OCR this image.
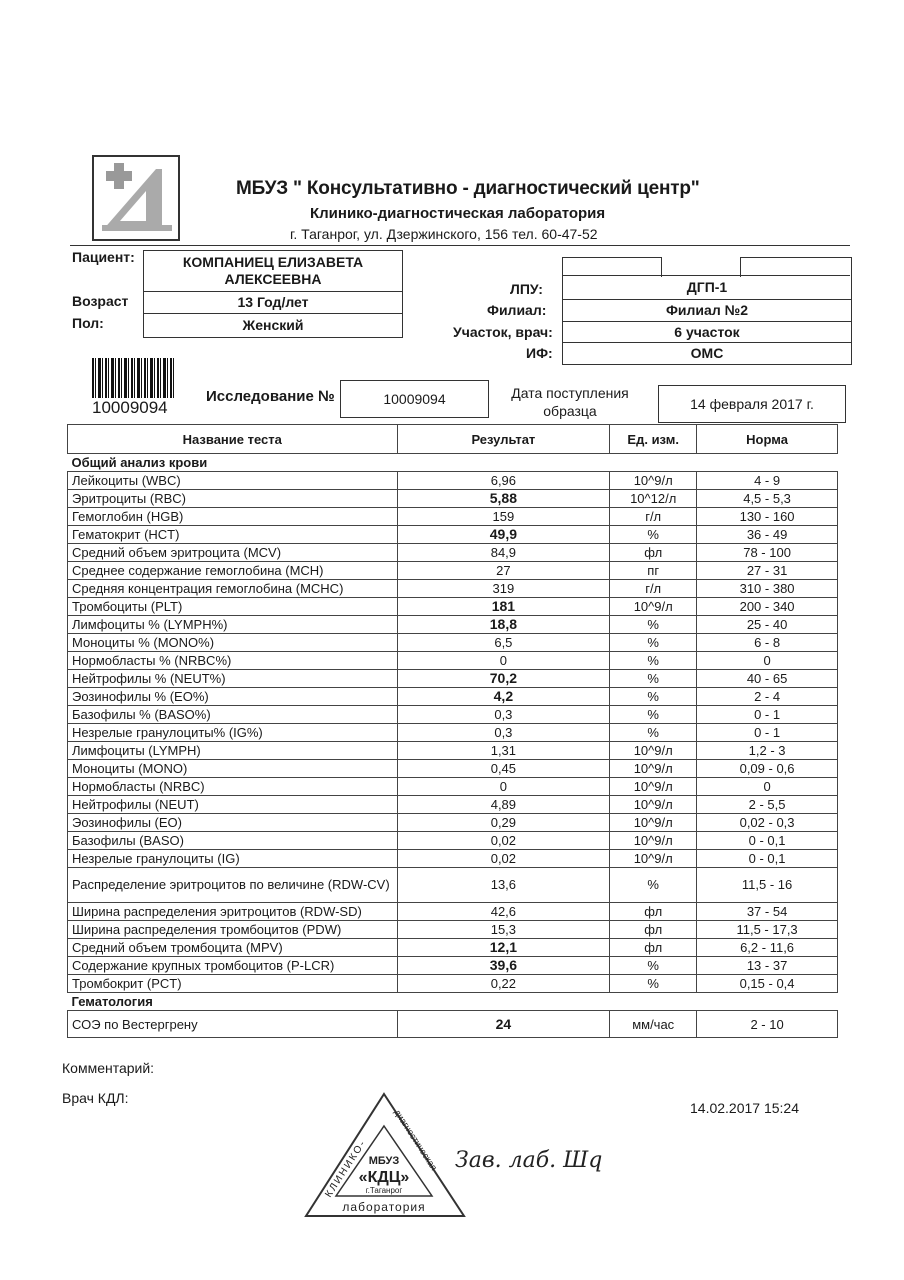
МБУЗ " Консультативно - диагностический центр"
Клинико-диагностическая лаборатория
г. Таганрог, ул. Дзержинского, 156 тел. 60-47-52
Пациент:	КОМПАНИЕЦ ЕЛИЗАВЕТА
АЛЕКСЕЕВНА
Возраст	13 Год/лет
Пол:	Женский
ЛПУ:	ДГП-1
Филиал:	Филиал №2
Участок, врач:	6 участок
ИФ:	ОМС
10009094
Исследование №	10009094	Дата поступления
образца	14 февраля 2017 г.
Название теста	Результат	Ед. изм.	Норма
Общий анализ крови			
Лейкоциты (WBC)	6,96	10^9/л	4 - 9
Эритроциты (RBC)	5,88	10^12/л	4,5 - 5,3
Гемоглобин (HGB)	159	г/л	130 - 160
Гематокрит (HCT)	49,9	%	36 - 49
Средний объем эритроцита (MCV)	84,9	фл	78 - 100
Среднее содержание гемоглобина (MCH)	27	пг	27 - 31
Средняя концентрация гемоглобина (MCHC)	319	г/л	310 - 380
Тромбоциты (PLT)	181	10^9/л	200 - 340
Лимфоциты % (LYMPH%)	18,8	%	25 - 40
Моноциты % (MONO%)	6,5	%	6 - 8
Нормобласты % (NRBC%)	0	%	0
Нейтрофилы % (NEUT%)	70,2	%	40 - 65
Эозинофилы % (EO%)	4,2	%	2 - 4
Базофилы % (BASO%)	0,3	%	0 - 1
Незрелые гранулоциты% (IG%)	0,3	%	0 - 1
Лимфоциты (LYMPH)	1,31	10^9/л	1,2 - 3
Моноциты (MONO)	0,45	10^9/л	0,09 - 0,6
Нормобласты (NRBC)	0	10^9/л	0
Нейтрофилы (NEUT)	4,89	10^9/л	2 - 5,5
Эозинофилы (EO)	0,29	10^9/л	0,02 - 0,3
Базофилы (BASO)	0,02	10^9/л	0 - 0,1
Незрелые гранулоциты (IG)	0,02	10^9/л	0 - 0,1
Распределение эритроцитов по величине (RDW-CV)	13,6	%	11,5 - 16
Ширина распределения эритроцитов (RDW-SD)	42,6	фл	37 - 54
Ширина распределения тромбоцитов (PDW)	15,3	фл	11,5 - 17,3
Средний объем тромбоцита (MPV)	12,1	фл	6,2 - 11,6
Содержание крупных тромбоцитов (P-LCR)	39,6	%	13 - 37
Тромбокрит (PCT)	0,22	%	0,15 - 0,4
Гематология			
СОЭ по Вестергрену	24	мм/час	2 - 10
Комментарий:
Врач КДЛ:
14.02.2017 15:24
МБУЗ
«КДЦ»
г.Таганрог
лаборатория
КЛИНИКО-	диагностическая Зав. лаб. Шq
